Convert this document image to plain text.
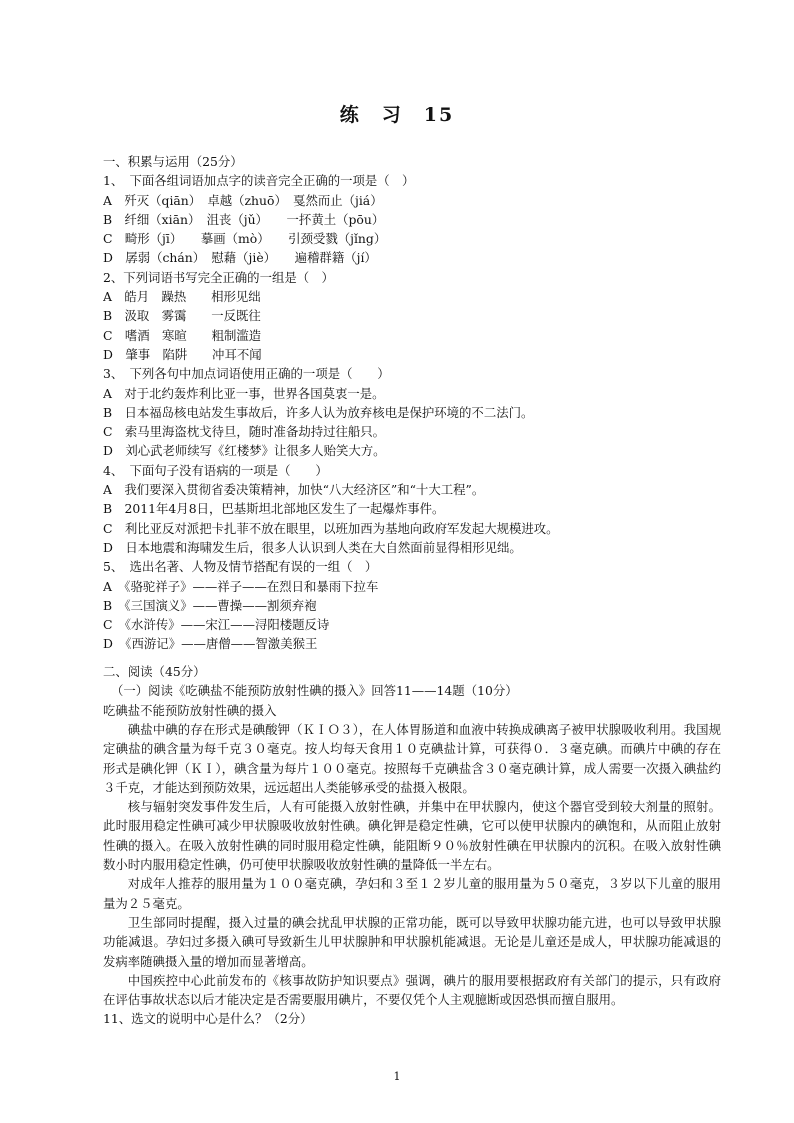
练　习　15
一、积累与运用（25分）
1、　下面各组词语加点字的读音完全正确的一项是（　）
A　歼灭（qiān）　卓越（zhuō）　戛然而止（jiá）
B　纤细（xiān）　沮丧（jǔ）　　一抔黄土（pōu）
C　畸形（jī）　　摹画（mò）　　引颈受戮（jǐng）
D　孱弱（chán）　慰藉（jiè）　　遍稽群籍（jí）
2、下列词语书写完全正确的一组是（　）
A　皓月　躁热　　相形见绌
B　汲取　雾霭　　一反既往
C　嗜酒　寒暄　　粗制滥造
D　肇事　陷阱　　冲耳不闻
3、　下列各句中加点词语使用正确的一项是（　　）
A　对于北约轰炸利比亚一事，世界各国莫衷一是。
B　日本福岛核电站发生事故后，许多人认为放弃核电是保护环境的不二法门。
C　索马里海盗枕戈待旦，随时准备劫持过往船只。
D　刘心武老师续写《红楼梦》让很多人贻笑大方。
4、　下面句子没有语病的一项是（　　）
A　我们要深入贯彻省委决策精神，加快“八大经济区”和“十大工程”。
B　2011年4月8日，巴基斯坦北部地区发生了一起爆炸事件。
C　利比亚反对派把卡扎菲不放在眼里，以班加西为基地向政府军发起大规模进攻。
D　日本地震和海啸发生后，很多人认识到人类在大自然面前显得相形见绌。
5、　选出名著、人物及情节搭配有误的一组（　）
A　《骆驼祥子》——祥子——在烈日和暴雨下拉车
B　《三国演义》——曹操——割须弃袍
C　《水浒传》——宋江——浔阳楼题反诗
D　《西游记》——唐僧——智激美猴王
二、阅读（45分）
（一）阅读《吃碘盐不能预防放射性碘的摄入》回答11——14题（10分）
吃碘盐不能预防放射性碘的摄入
碘盐中碘的存在形式是碘酸钾（ＫＩＯ３），在人体胃肠道和血液中转换成碘离子被甲状腺吸收利用。我国规定碘盐的碘含量为每千克３０毫克。按人均每天食用１０克碘盐计算，可获得０．３毫克碘。而碘片中碘的存在形式是碘化钾（ＫＩ），碘含量为每片１００毫克。按照每千克碘盐含３０毫克碘计算，成人需要一次摄入碘盐约３千克，才能达到预防效果，远远超出人类能够承受的盐摄入极限。
核与辐射突发事件发生后，人有可能摄入放射性碘，并集中在甲状腺内，使这个器官受到较大剂量的照射。此时服用稳定性碘可减少甲状腺吸收放射性碘。碘化钾是稳定性碘，它可以使甲状腺内的碘饱和，从而阻止放射性碘的摄入。在吸入放射性碘的同时服用稳定性碘，能阻断９０％放射性碘在甲状腺内的沉积。在吸入放射性碘数小时内服用稳定性碘，仍可使甲状腺吸收放射性碘的量降低一半左右。
对成年人推荐的服用量为１００毫克碘，孕妇和３至１２岁儿童的服用量为５０毫克，３岁以下儿童的服用量为２５毫克。
卫生部同时提醒，摄入过量的碘会扰乱甲状腺的正常功能，既可以导致甲状腺功能亢进，也可以导致甲状腺功能减退。孕妇过多摄入碘可导致新生儿甲状腺肿和甲状腺机能减退。无论是儿童还是成人，甲状腺功能减退的发病率随碘摄入量的增加而显著增高。
中国疾控中心此前发布的《核事故防护知识要点》强调，碘片的服用要根据政府有关部门的提示，只有政府在评估事故状态以后才能决定是否需要服用碘片，不要仅凭个人主观臆断或因恐惧而擅自服用。
11、选文的说明中心是什么？（2分）
1
